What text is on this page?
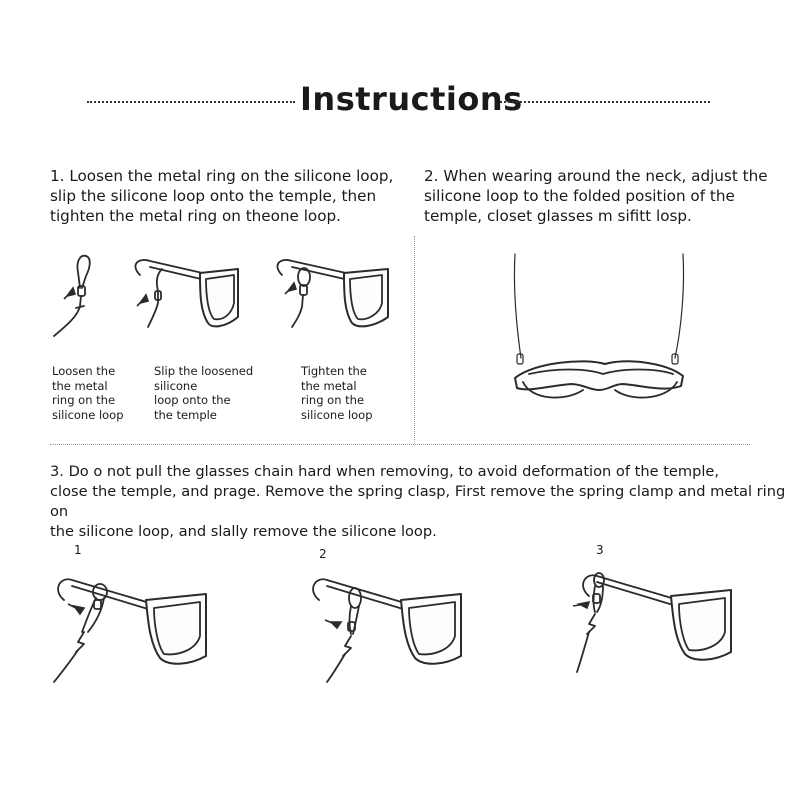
Instructions
1. Loosen the metal ring on the silicone loop,
slip the silicone loop onto the temple, then
tighten the metal ring on theone loop.
2. When wearing around the neck, adjust the
silicone loop to the folded position of the
temple, closet glasses m sifitt losp.
Loosen the
the metal
ring on the
silicone loop
Slip the loosened
silicone
loop onto the
the temple
Tighten the
the metal
ring on the
silicone loop
3. Do o not pull the glasses chain hard when removing, to avoid deformation of the temple,
close the temple, and prage. Remove the spring clasp, First remove the spring clamp and metal ring on
the silicone loop, and slally remove the silicone loop.
1	2	3
